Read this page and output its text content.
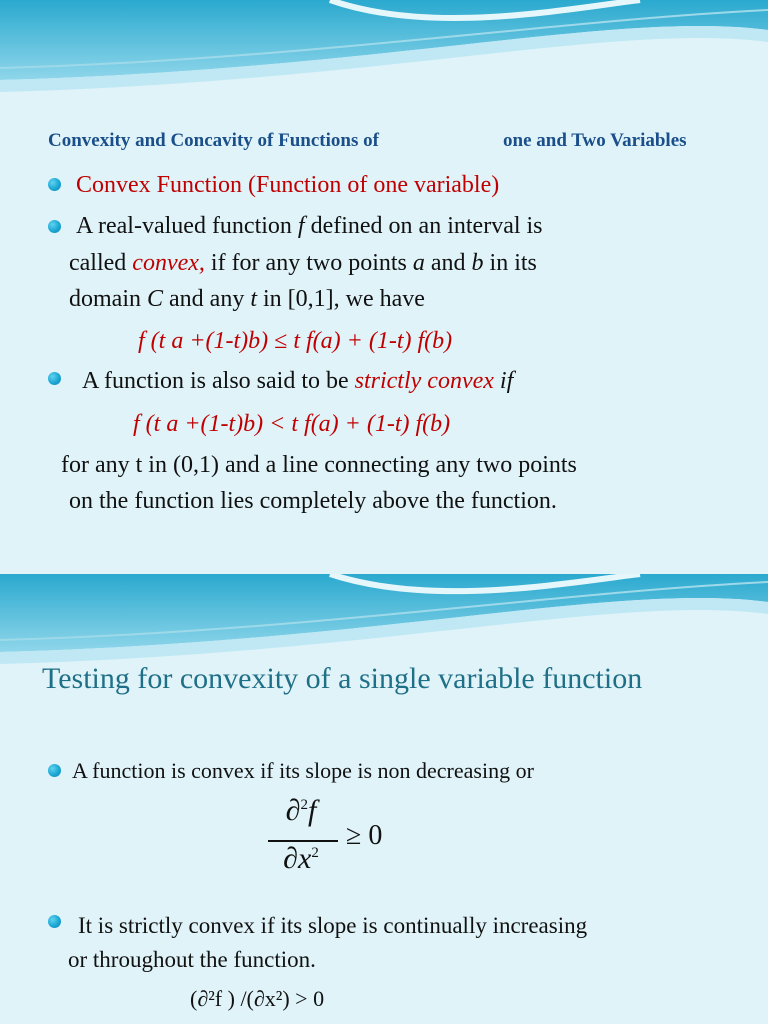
Convexity and Concavity of Functions of	one and Two Variables
Convex Function (Function of one variable)
A real-valued function f defined on an interval is
called convex, if for any two points a and b in its
domain C and any t in [0,1], we have
f (t a +(1-t)b) ≤ t f(a) + (1-t) f(b)
A function is also said to be strictly convex if
f (t a +(1-t)b) < t f(a) + (1-t) f(b)
for any t in (0,1) and a line connecting any two points
on the function lies completely above the function.
Testing for convexity of a single variable function
A function is convex if its slope is non decreasing or
∂$^2$f
$\partial x^2$
≥ 0
It is strictly convex if its slope is continually increasing
or throughout the function.
(∂²f ) /(∂x²) > 0
